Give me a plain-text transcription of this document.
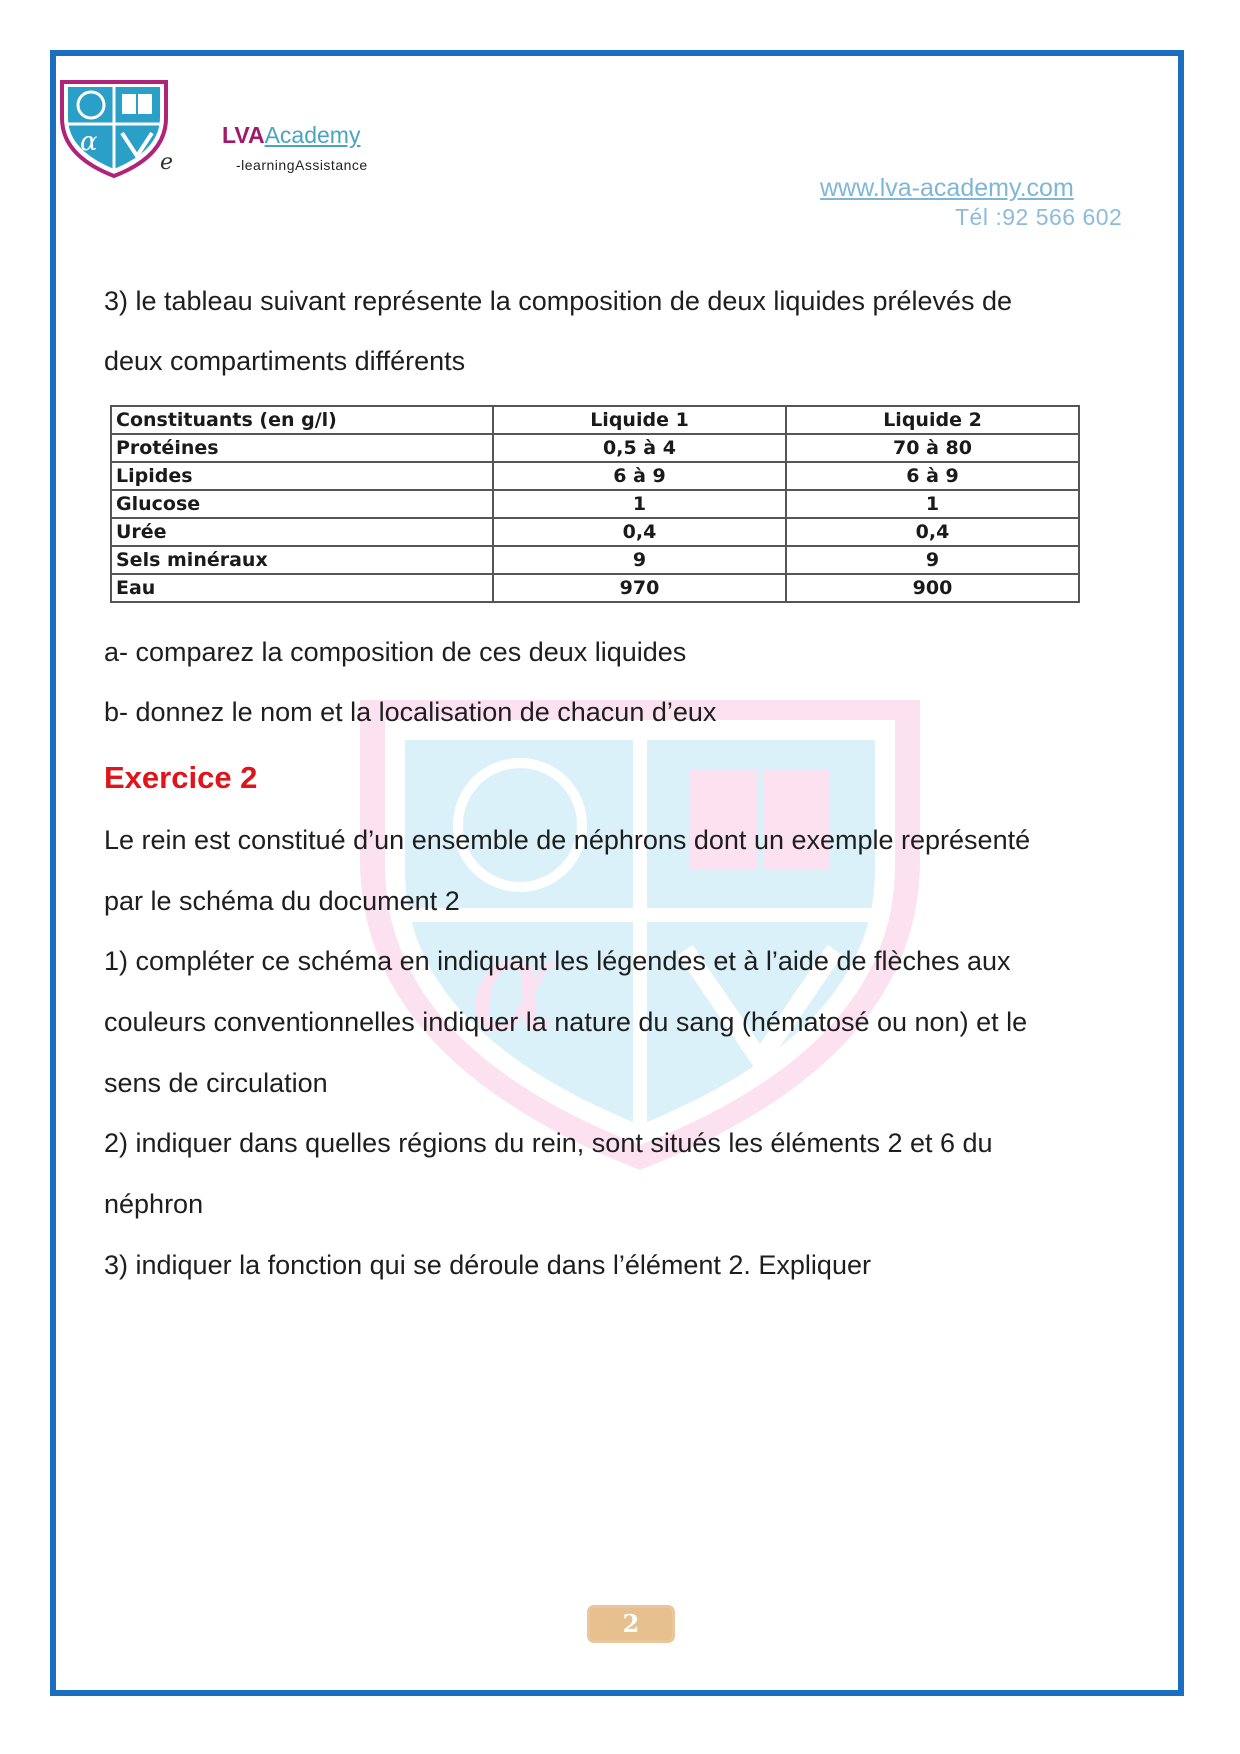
α
e
LVAAcademy
-learningAssistance
www.lva-academy.com
Tél :92 566 602
α
3) le tableau suivant représente la composition de deux liquides prélevés de
deux compartiments différents
Constituants (en g/l)	Liquide 1	Liquide 2
Protéines	0,5 à 4	70 à 80
Lipides	6 à 9	6 à 9
Glucose	1	1
Urée	0,4	0,4
Sels minéraux	9	9
Eau	970	900
a- comparez la composition de ces deux liquides
b- donnez le nom et la localisation de chacun d’eux
Exercice 2
Le rein est constitué d’un ensemble de néphrons dont un exemple représenté
par le schéma du document 2
1) compléter ce schéma en indiquant les légendes et à l’aide de flèches aux
couleurs conventionnelles indiquer la nature du sang (hématosé ou non) et le
sens de circulation
2) indiquer dans quelles régions du rein, sont situés les éléments 2 et 6 du
néphron
3) indiquer la fonction qui se déroule dans l’élément 2. Expliquer
2
